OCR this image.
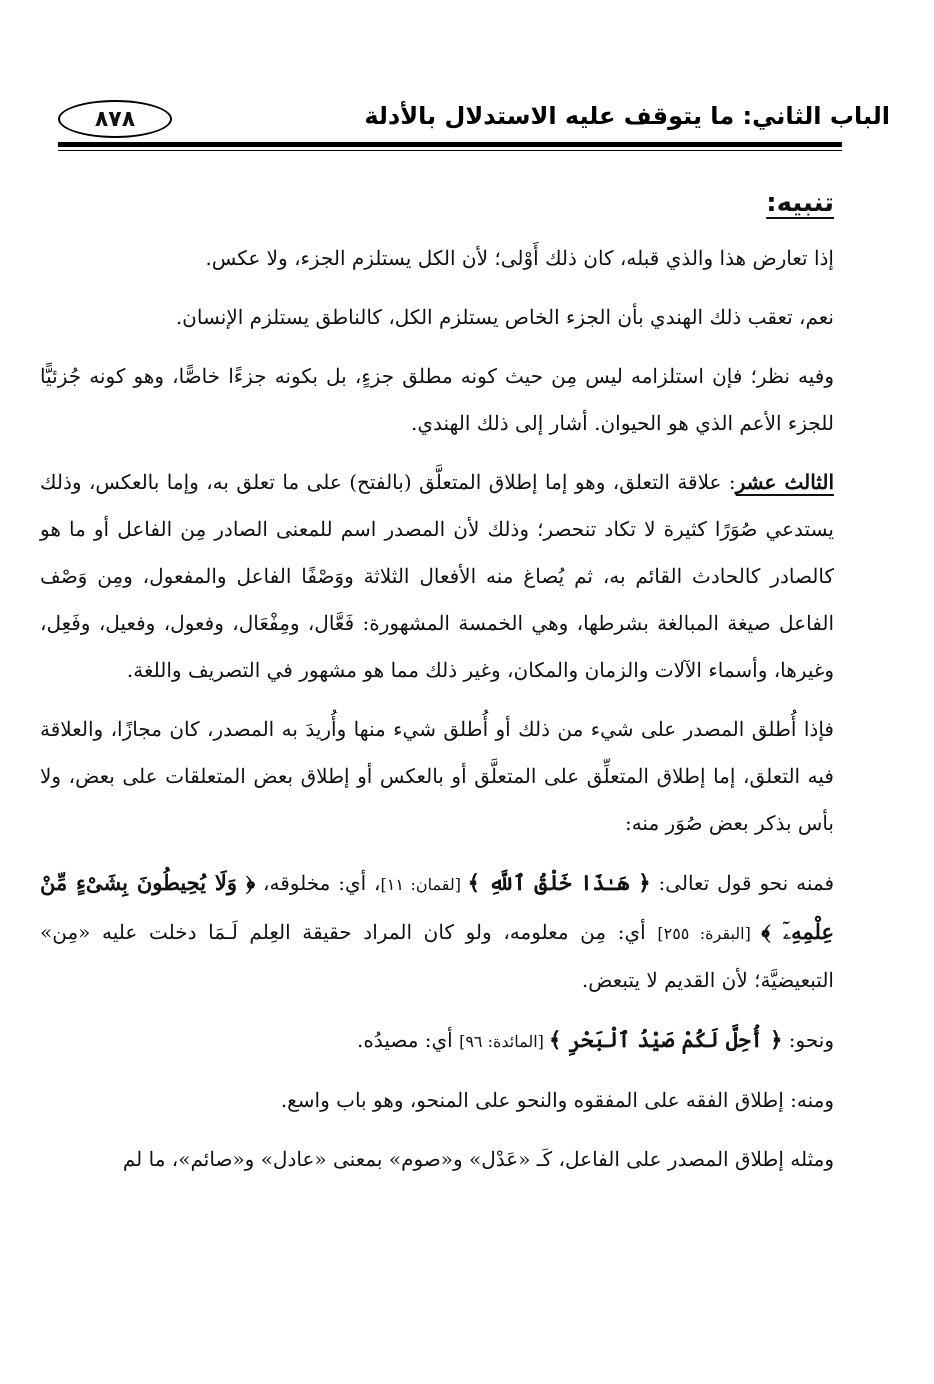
الباب الثاني: ما يتوقف عليه الاستدلال بالأدلة
٨٧٨
تنبيه:

إذا تعارض هذا والذي قبله، كان ذلك أَوْلى؛ لأن الكل يستلزم الجزء، ولا عكس.

نعم، تعقب ذلك الهندي بأن الجزء الخاص يستلزم الكل، كالناطق يستلزم الإنسان.

وفيه نظر؛ فإن استلزامه ليس مِن حيث كونه مطلق جزءٍ، بل بكونه جزءًا خاصًّا، وهو كونه جُزئيًّا للجزء الأعم الذي هو الحيوان. أشار إلى ذلك الهندي.

الثالث عشر: علاقة التعلق، وهو إما إطلاق المتعلَّق (بالفتح) على ما تعلق به، وإما بالعكس، وذلك يستدعي صُوَرًا كثيرة لا تكاد تنحصر؛ وذلك لأن المصدر اسم للمعنى الصادر مِن الفاعل أو ما هو كالصادر كالحادث القائم به، ثم يُصاغ منه الأفعال الثلاثة ووَصْفًا الفاعل والمفعول، ومِن وَصْف الفاعل صيغة المبالغة بشرطها، وهي الخمسة المشهورة: فَعَّال، ومِفْعَال، وفعول، وفعيل، وفَعِل، وغيرها، وأسماء الآلات والزمان والمكان، وغير ذلك مما هو مشهور في التصريف واللغة.

فإذا أُطلق المصدر على شيء من ذلك أو أُطلق شيء منها وأُريدَ به المصدر، كان مجازًا، والعلاقة فيه التعلق، إما إطلاق المتعلِّق على المتعلَّق أو بالعكس أو إطلاق بعض المتعلقات على بعض، ولا بأس بذكر بعض صُوَر منه:

فمنه نحو قول تعالى: ﴿ هَـٰذَا خَلْقُ ٱللَّهِ ﴾ [لقمان: ١١]، أي: مخلوقه، ﴿ وَلَا يُحِيطُونَ بِشَىْءٍ مِّنْ عِلْمِهِۦٓ ﴾ [البقرة: ٢٥٥] أي: مِن معلومه، ولو كان المراد حقيقة العِلم لَـمَا دخلت عليه «مِن» التبعيضيَّة؛ لأن القديم لا يتبعض.

ونحو: ﴿ أُحِلَّ لَكُمْ صَيْدُ ٱلْبَحْرِ ﴾ [المائدة: ٩٦] أي: مصيدُه.

ومنه: إطلاق الفقه على المفقوه والنحو على المنحو، وهو باب واسع.

ومثله إطلاق المصدر على الفاعل، كَـ «عَدْل» و«صوم» بمعنى «عادل» و«صائم»، ما لم
